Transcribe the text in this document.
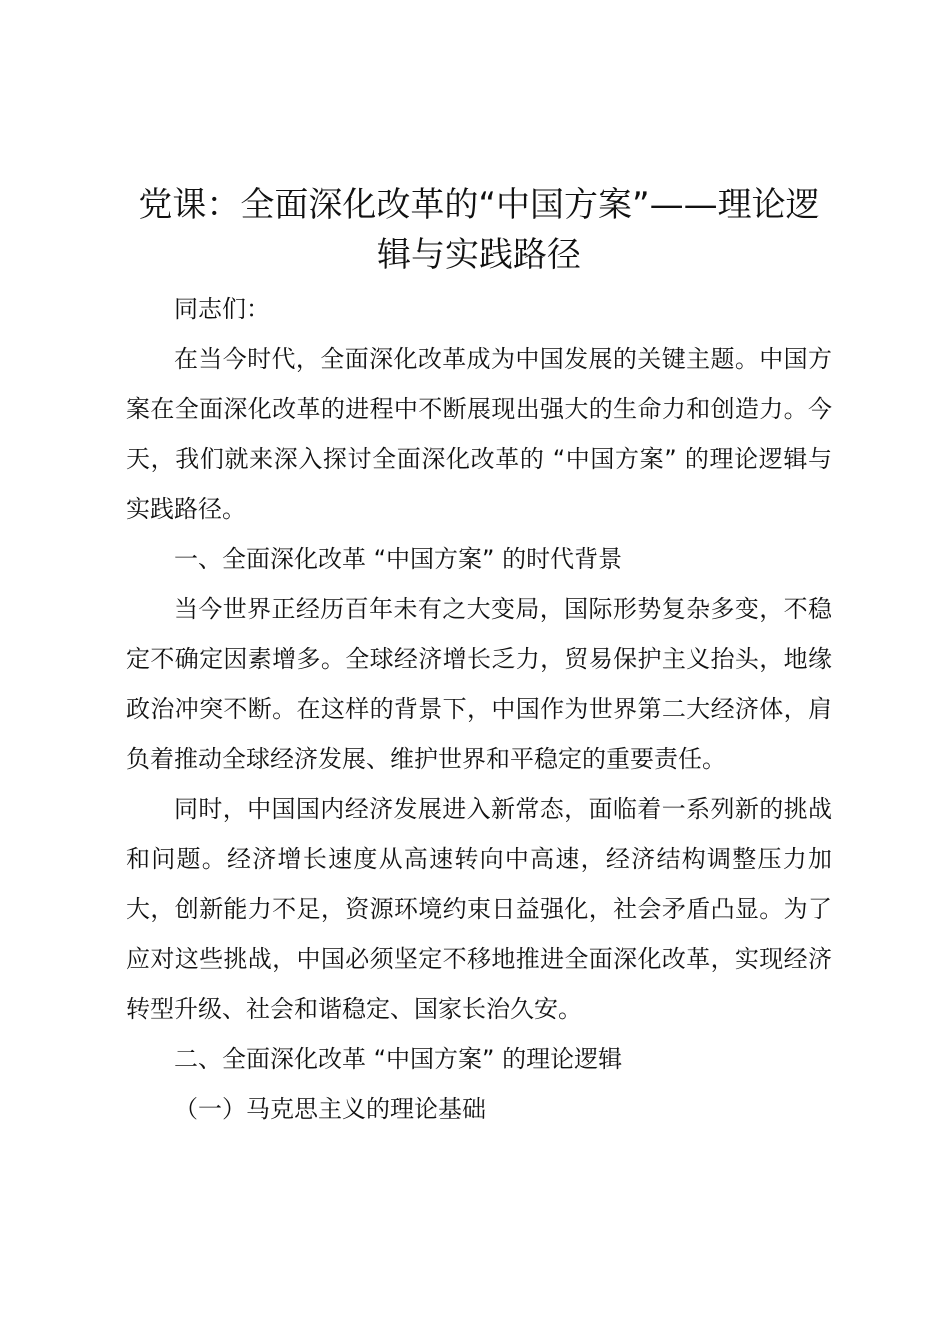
党课：全面深化改革的“中国方案”——理论逻辑与实践路径

同志们：

在当今时代，全面深化改革成为中国发展的关键主题。中国方案在全面深化改革的进程中不断展现出强大的生命力和创造力。今天，我们就来深入探讨全面深化改革的 “中国方案” 的理论逻辑与实践路径。

一、全面深化改革 “中国方案” 的时代背景

当今世界正经历百年未有之大变局，国际形势复杂多变，不稳定不确定因素增多。全球经济增长乏力，贸易保护主义抬头，地缘政治冲突不断。在这样的背景下，中国作为世界第二大经济体，肩负着推动全球经济发展、维护世界和平稳定的重要责任。

同时，中国国内经济发展进入新常态，面临着一系列新的挑战和问题。经济增长速度从高速转向中高速，经济结构调整压力加大，创新能力不足，资源环境约束日益强化，社会矛盾凸显。为了应对这些挑战，中国必须坚定不移地推进全面深化改革，实现经济转型升级、社会和谐稳定、国家长治久安。

二、全面深化改革 “中国方案” 的理论逻辑

（一）马克思主义的理论基础
